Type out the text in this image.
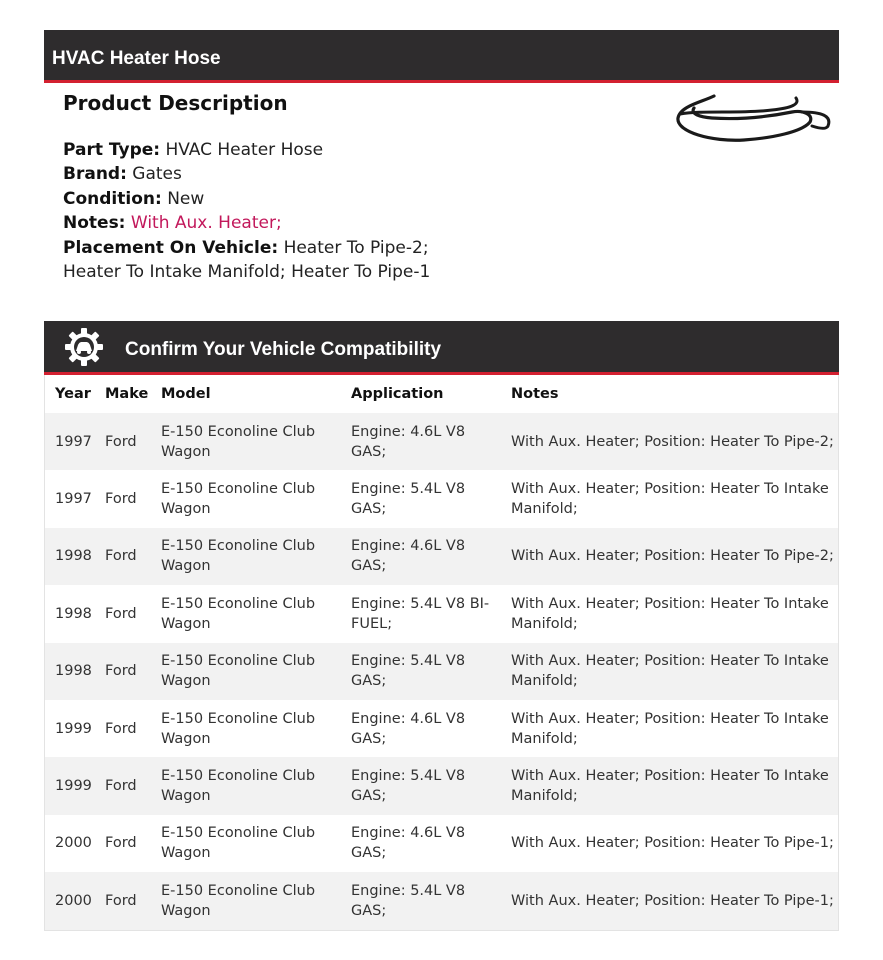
HVAC Heater Hose
Product Description
Part Type: HVAC Heater Hose
Brand: Gates
Condition: New
Notes: With Aux. Heater;
Placement On Vehicle: Heater To Pipe-2;
Heater To Intake Manifold; Heater To Pipe-1
Confirm Your Vehicle Compatibility
Year	Make	Model	Application	Notes
1997	Ford	E-150 Econoline Club Wagon	Engine: 4.6L V8 GAS;	With Aux. Heater; Position: Heater To Pipe-2;
1997	Ford	E-150 Econoline Club Wagon	Engine: 5.4L V8 GAS;	With Aux. Heater; Position: Heater To Intake Manifold;
1998	Ford	E-150 Econoline Club Wagon	Engine: 4.6L V8 GAS;	With Aux. Heater; Position: Heater To Pipe-2;
1998	Ford	E-150 Econoline Club Wagon	Engine: 5.4L V8 BI-FUEL;	With Aux. Heater; Position: Heater To Intake Manifold;
1998	Ford	E-150 Econoline Club Wagon	Engine: 5.4L V8 GAS;	With Aux. Heater; Position: Heater To Intake Manifold;
1999	Ford	E-150 Econoline Club Wagon	Engine: 4.6L V8 GAS;	With Aux. Heater; Position: Heater To Intake Manifold;
1999	Ford	E-150 Econoline Club Wagon	Engine: 5.4L V8 GAS;	With Aux. Heater; Position: Heater To Intake Manifold;
2000	Ford	E-150 Econoline Club Wagon	Engine: 4.6L V8 GAS;	With Aux. Heater; Position: Heater To Pipe-1;
2000	Ford	E-150 Econoline Club Wagon	Engine: 5.4L V8 GAS;	With Aux. Heater; Position: Heater To Pipe-1;
